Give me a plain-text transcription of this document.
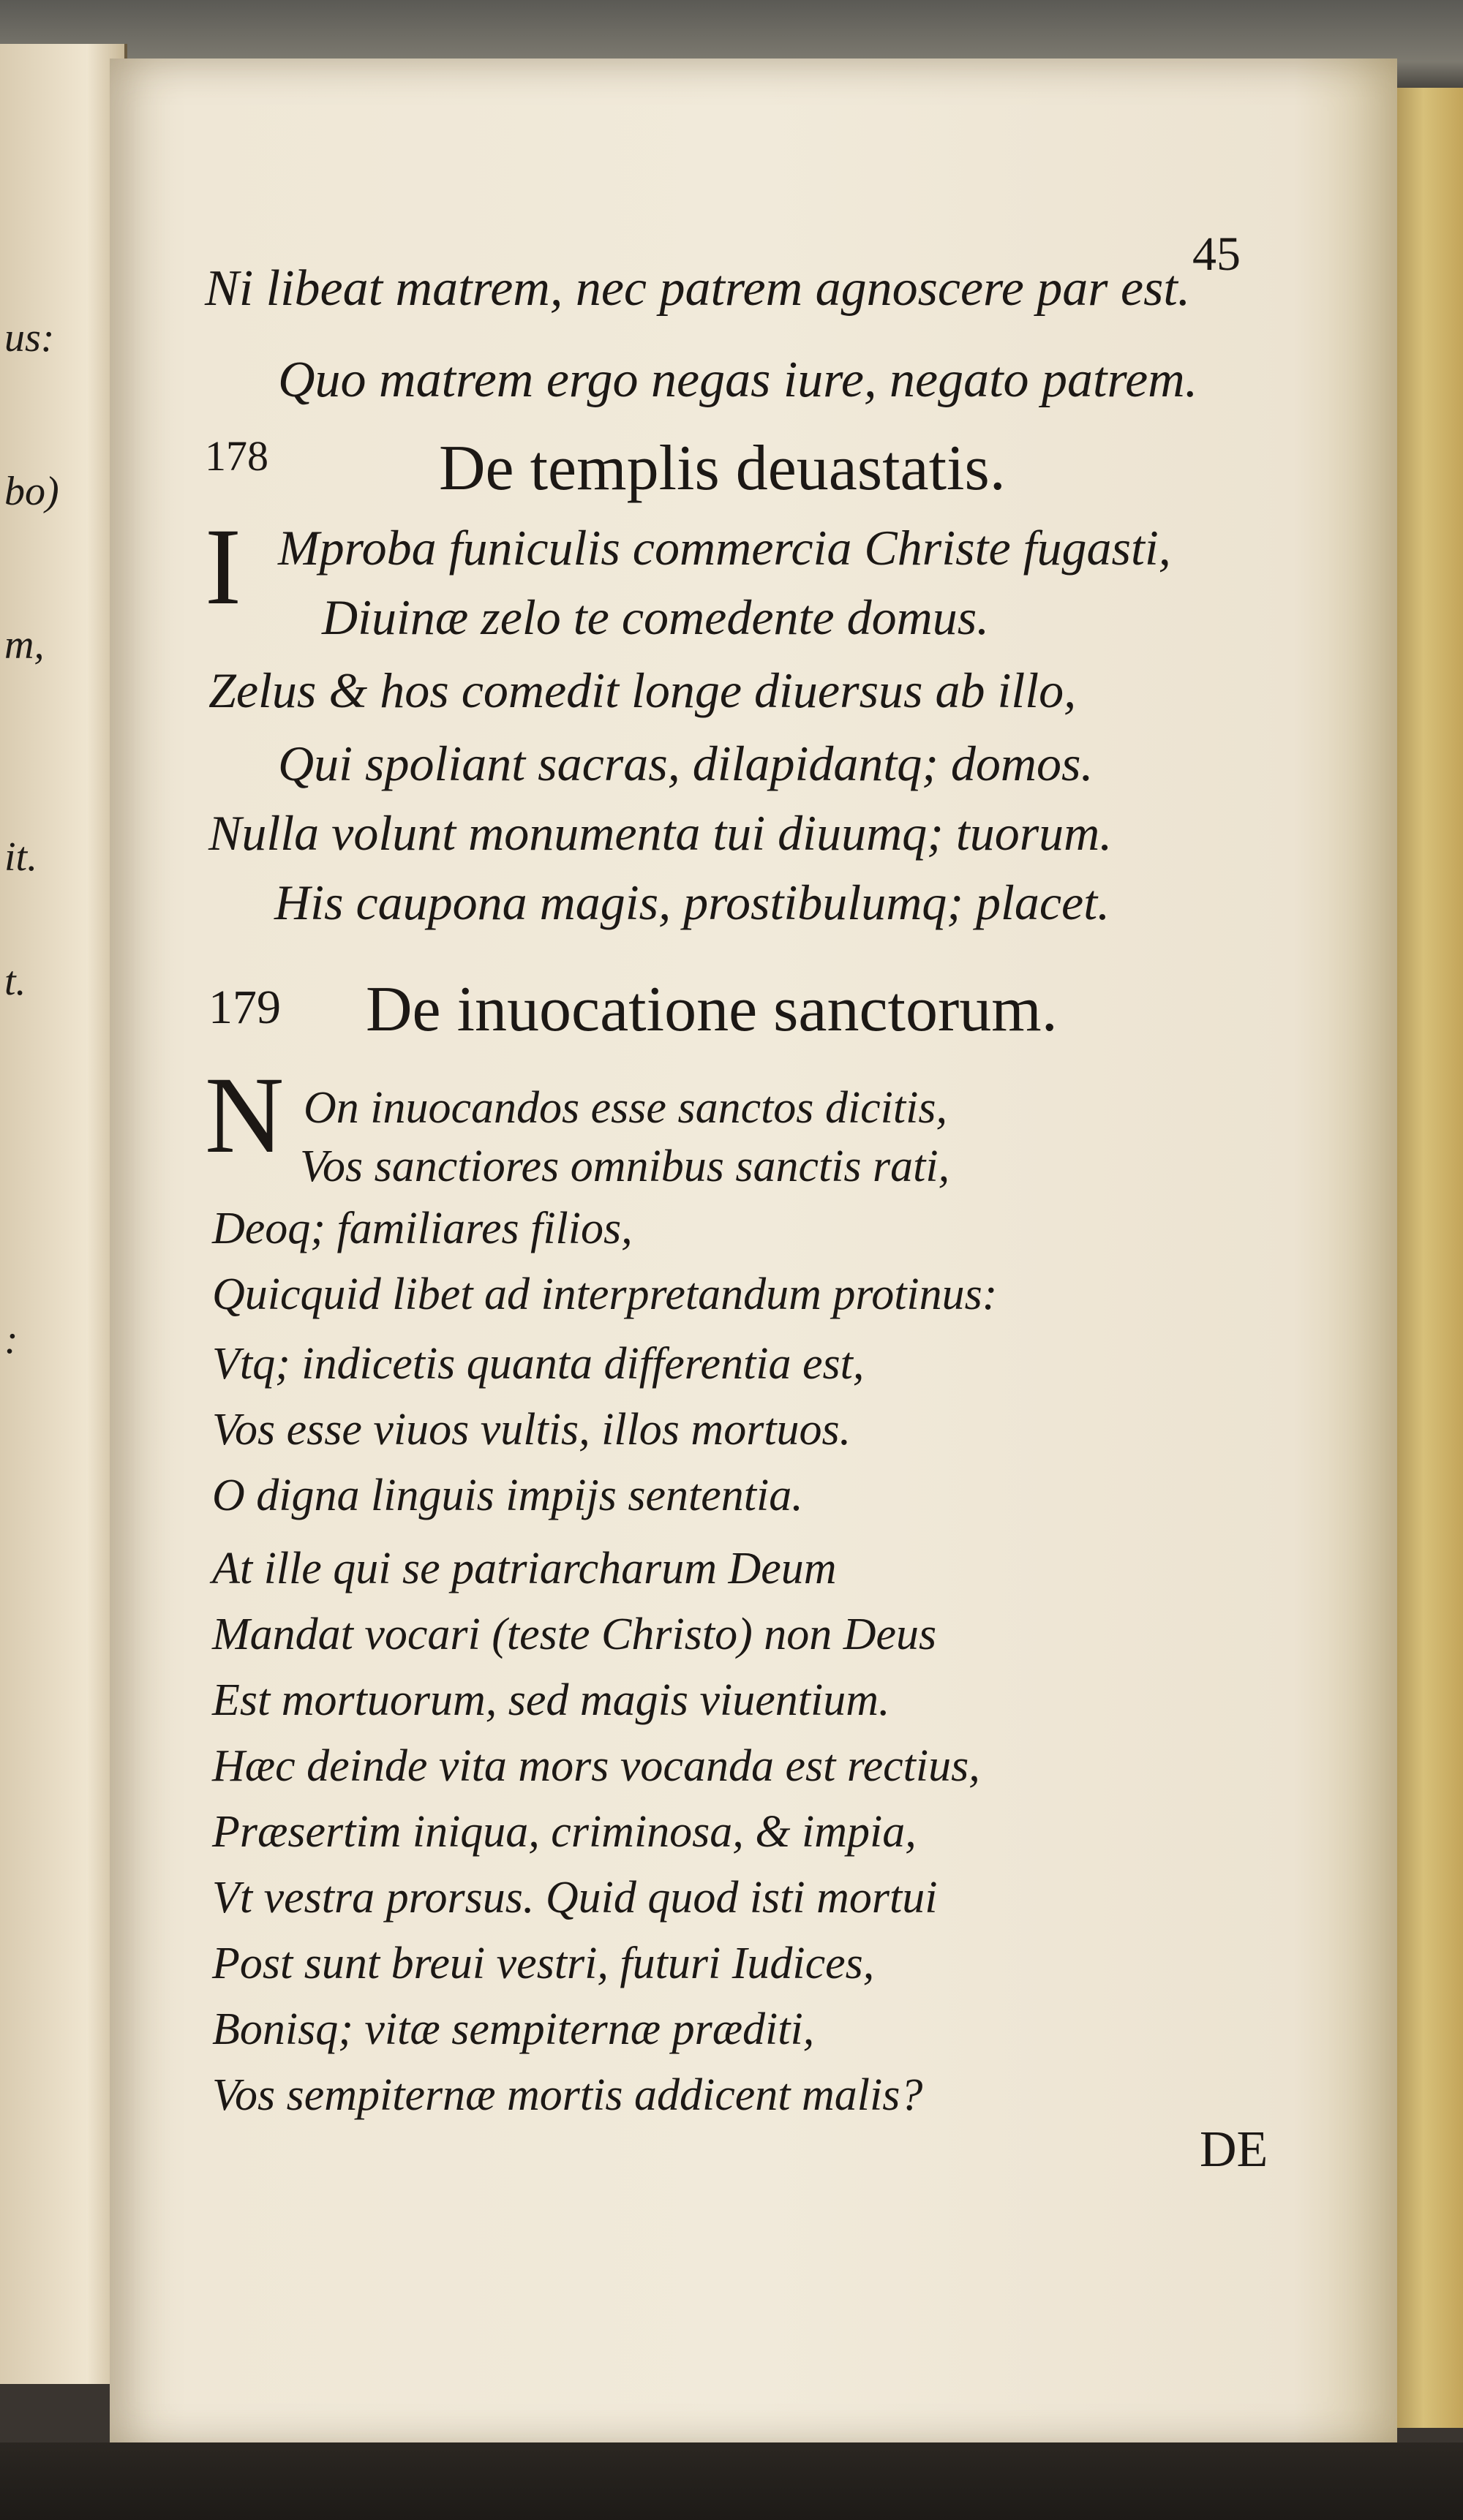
us:
bo)
m,
it.
t.
:
45
Ni libeat matrem, nec patrem agnoscere par est.
Quo matrem ergo negas iure, negato patrem.
178	De templis deuastatis.
I Mproba funiculis commercia Christe fugasti,
Diuinæ zelo te comedente domus.
Zelus & hos comedit longe diuersus ab illo,
Qui spoliant sacras, dilapidantq; domos.
Nulla volunt monumenta tui diuumq; tuorum.
His caupona magis, prostibulumq; placet.
179 De inuocatione sanctorum.
N On inuocandos esse sanctos dicitis,
Vos sanctiores omnibus sanctis rati,
Deoq; familiares filios,
Quicquid libet ad interpretandum protinus:
Vtq; indicetis quanta differentia est,
Vos esse viuos vultis, illos mortuos.
O digna linguis impijs sententia.
At ille qui se patriarcharum Deum
Mandat vocari (teste Christo) non Deus
Est mortuorum, sed magis viuentium.
Hæc deinde vita mors vocanda est rectius,
Præsertim iniqua, criminosa, & impia,
Vt vestra prorsus. Quid quod isti mortui
Post sunt breui vestri, futuri Iudices,
Bonisq; vitæ sempiternæ præditi,
Vos sempiternæ mortis addicent malis?
DE
